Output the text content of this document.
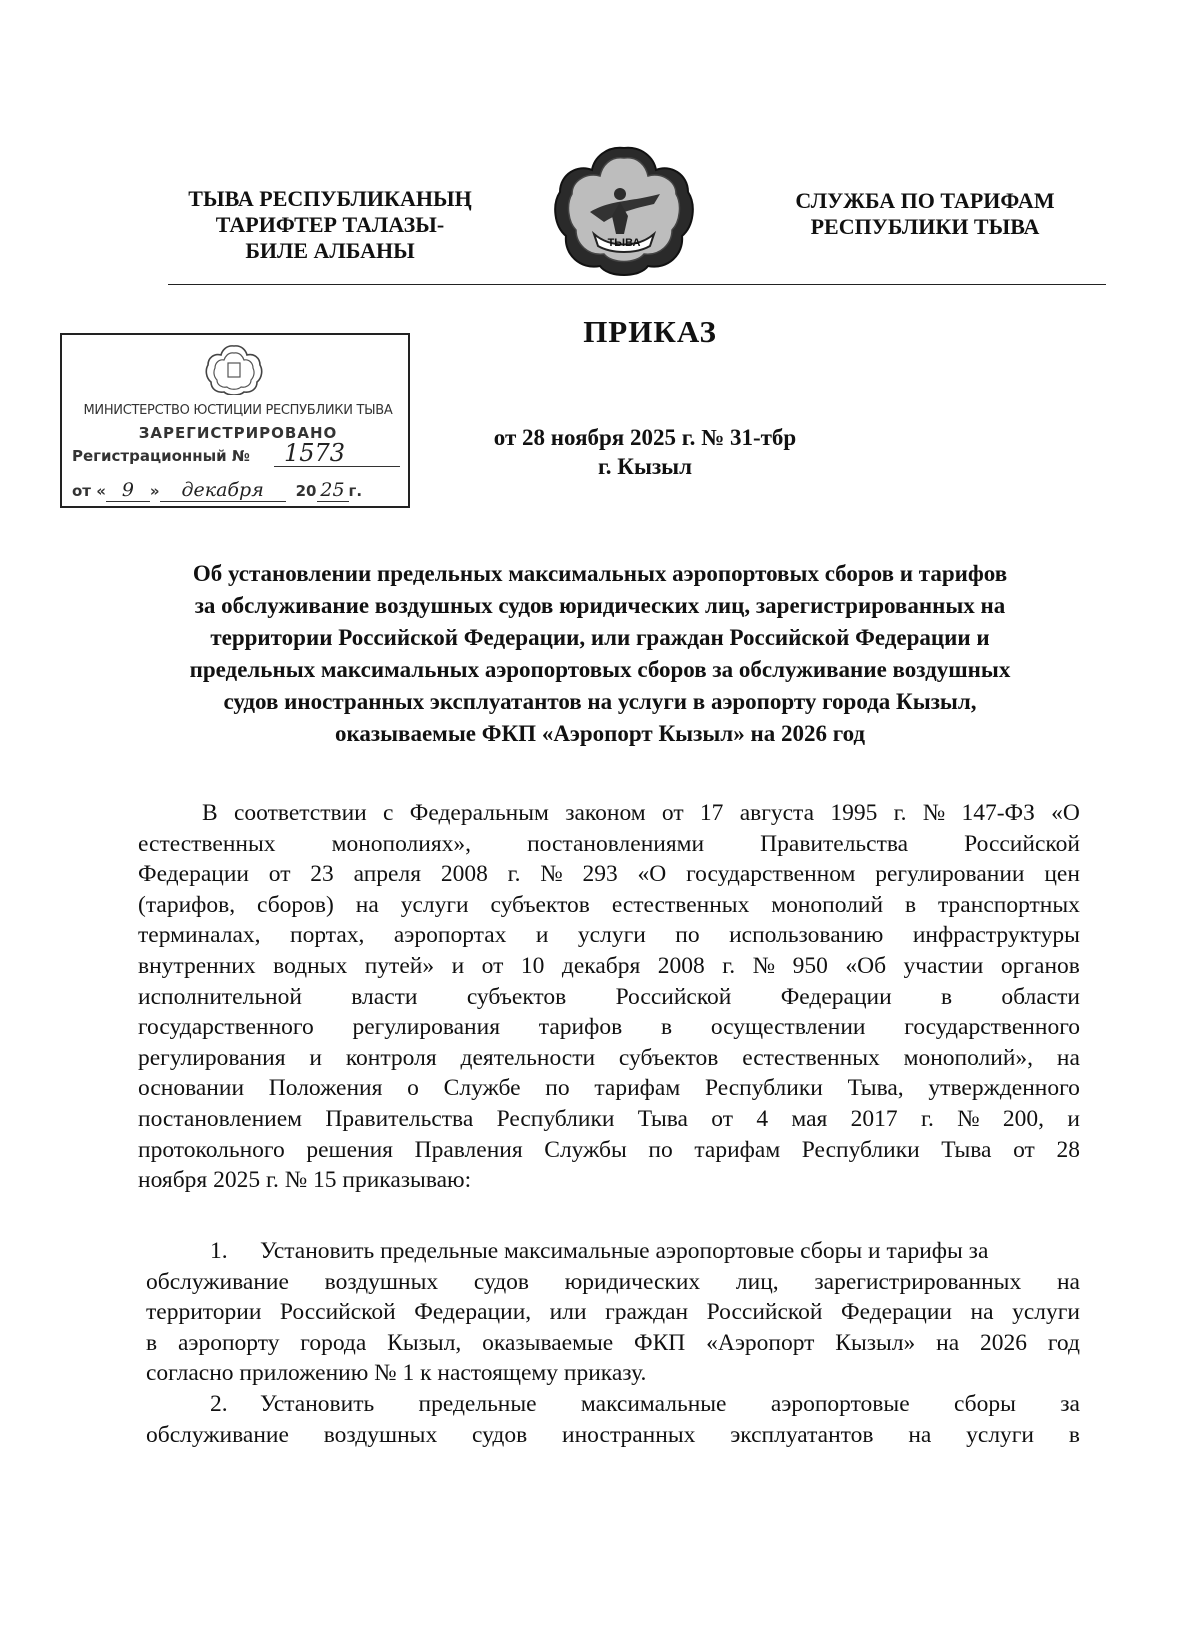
ТЫВА РЕСПУБЛИКАНЫҢ
ТАРИФТЕР ТАЛАЗЫ-
БИЛЕ АЛБАНЫ	ТЫВА
СЛУЖБА ПО ТАРИФАМ
РЕСПУБЛИКИ ТЫВА
ПРИКАЗ
МИНИСТЕРСТВО ЮСТИЦИИ РЕСПУБЛИКИ ТЫВА
ЗАРЕГИСТРИРОВАНО
Регистрационный № 1573
от « 9 » декабря 20 25 г.
от 28 ноября 2025 г. № 31-тбр
г. Кызыл
Об установлении предельных максимальных аэропортовых сборов и тарифов
за обслуживание воздушных судов юридических лиц, зарегистрированных на
территории Российской Федерации, или граждан Российской Федерации и
предельных максимальных аэропортовых сборов за обслуживание воздушных
судов иностранных эксплуатантов на услуги в аэропорту города Кызыл,
оказываемые ФКП «Аэропорт Кызыл» на 2026 год
В соответствии с Федеральным законом от 17 августа 1995 г. № 147-ФЗ «О
естественных монополиях», постановлениями Правительства Российской
Федерации от 23 апреля 2008 г. № 293 «О государственном регулировании цен
(тарифов, сборов) на услуги субъектов естественных монополий в транспортных
терминалах, портах, аэропортах и услуги по использованию инфраструктуры
внутренних водных путей» и от 10 декабря 2008 г. № 950 «Об участии органов
исполнительной власти субъектов Российской Федерации в области
государственного регулирования тарифов в осуществлении государственного
регулирования и контроля деятельности субъектов естественных монополий», на
основании Положения о Службе по тарифам Республики Тыва, утвержденного
постановлением Правительства Республики Тыва от 4 мая 2017 г. № 200, и
протокольного решения Правления Службы по тарифам Республики Тыва от 28
ноября 2025 г. № 15 приказываю:
1. Установить предельные максимальные аэропортовые сборы и тарифы за
обслуживание воздушных судов юридических лиц, зарегистрированных на
территории Российской Федерации, или граждан Российской Федерации на услуги
в аэропорту города Кызыл, оказываемые ФКП «Аэропорт Кызыл» на 2026 год
согласно приложению № 1 к настоящему приказу.
2.	Установить предельные максимальные аэропортовые сборы за
обслуживание воздушных судов иностранных эксплуатантов на услуги в
